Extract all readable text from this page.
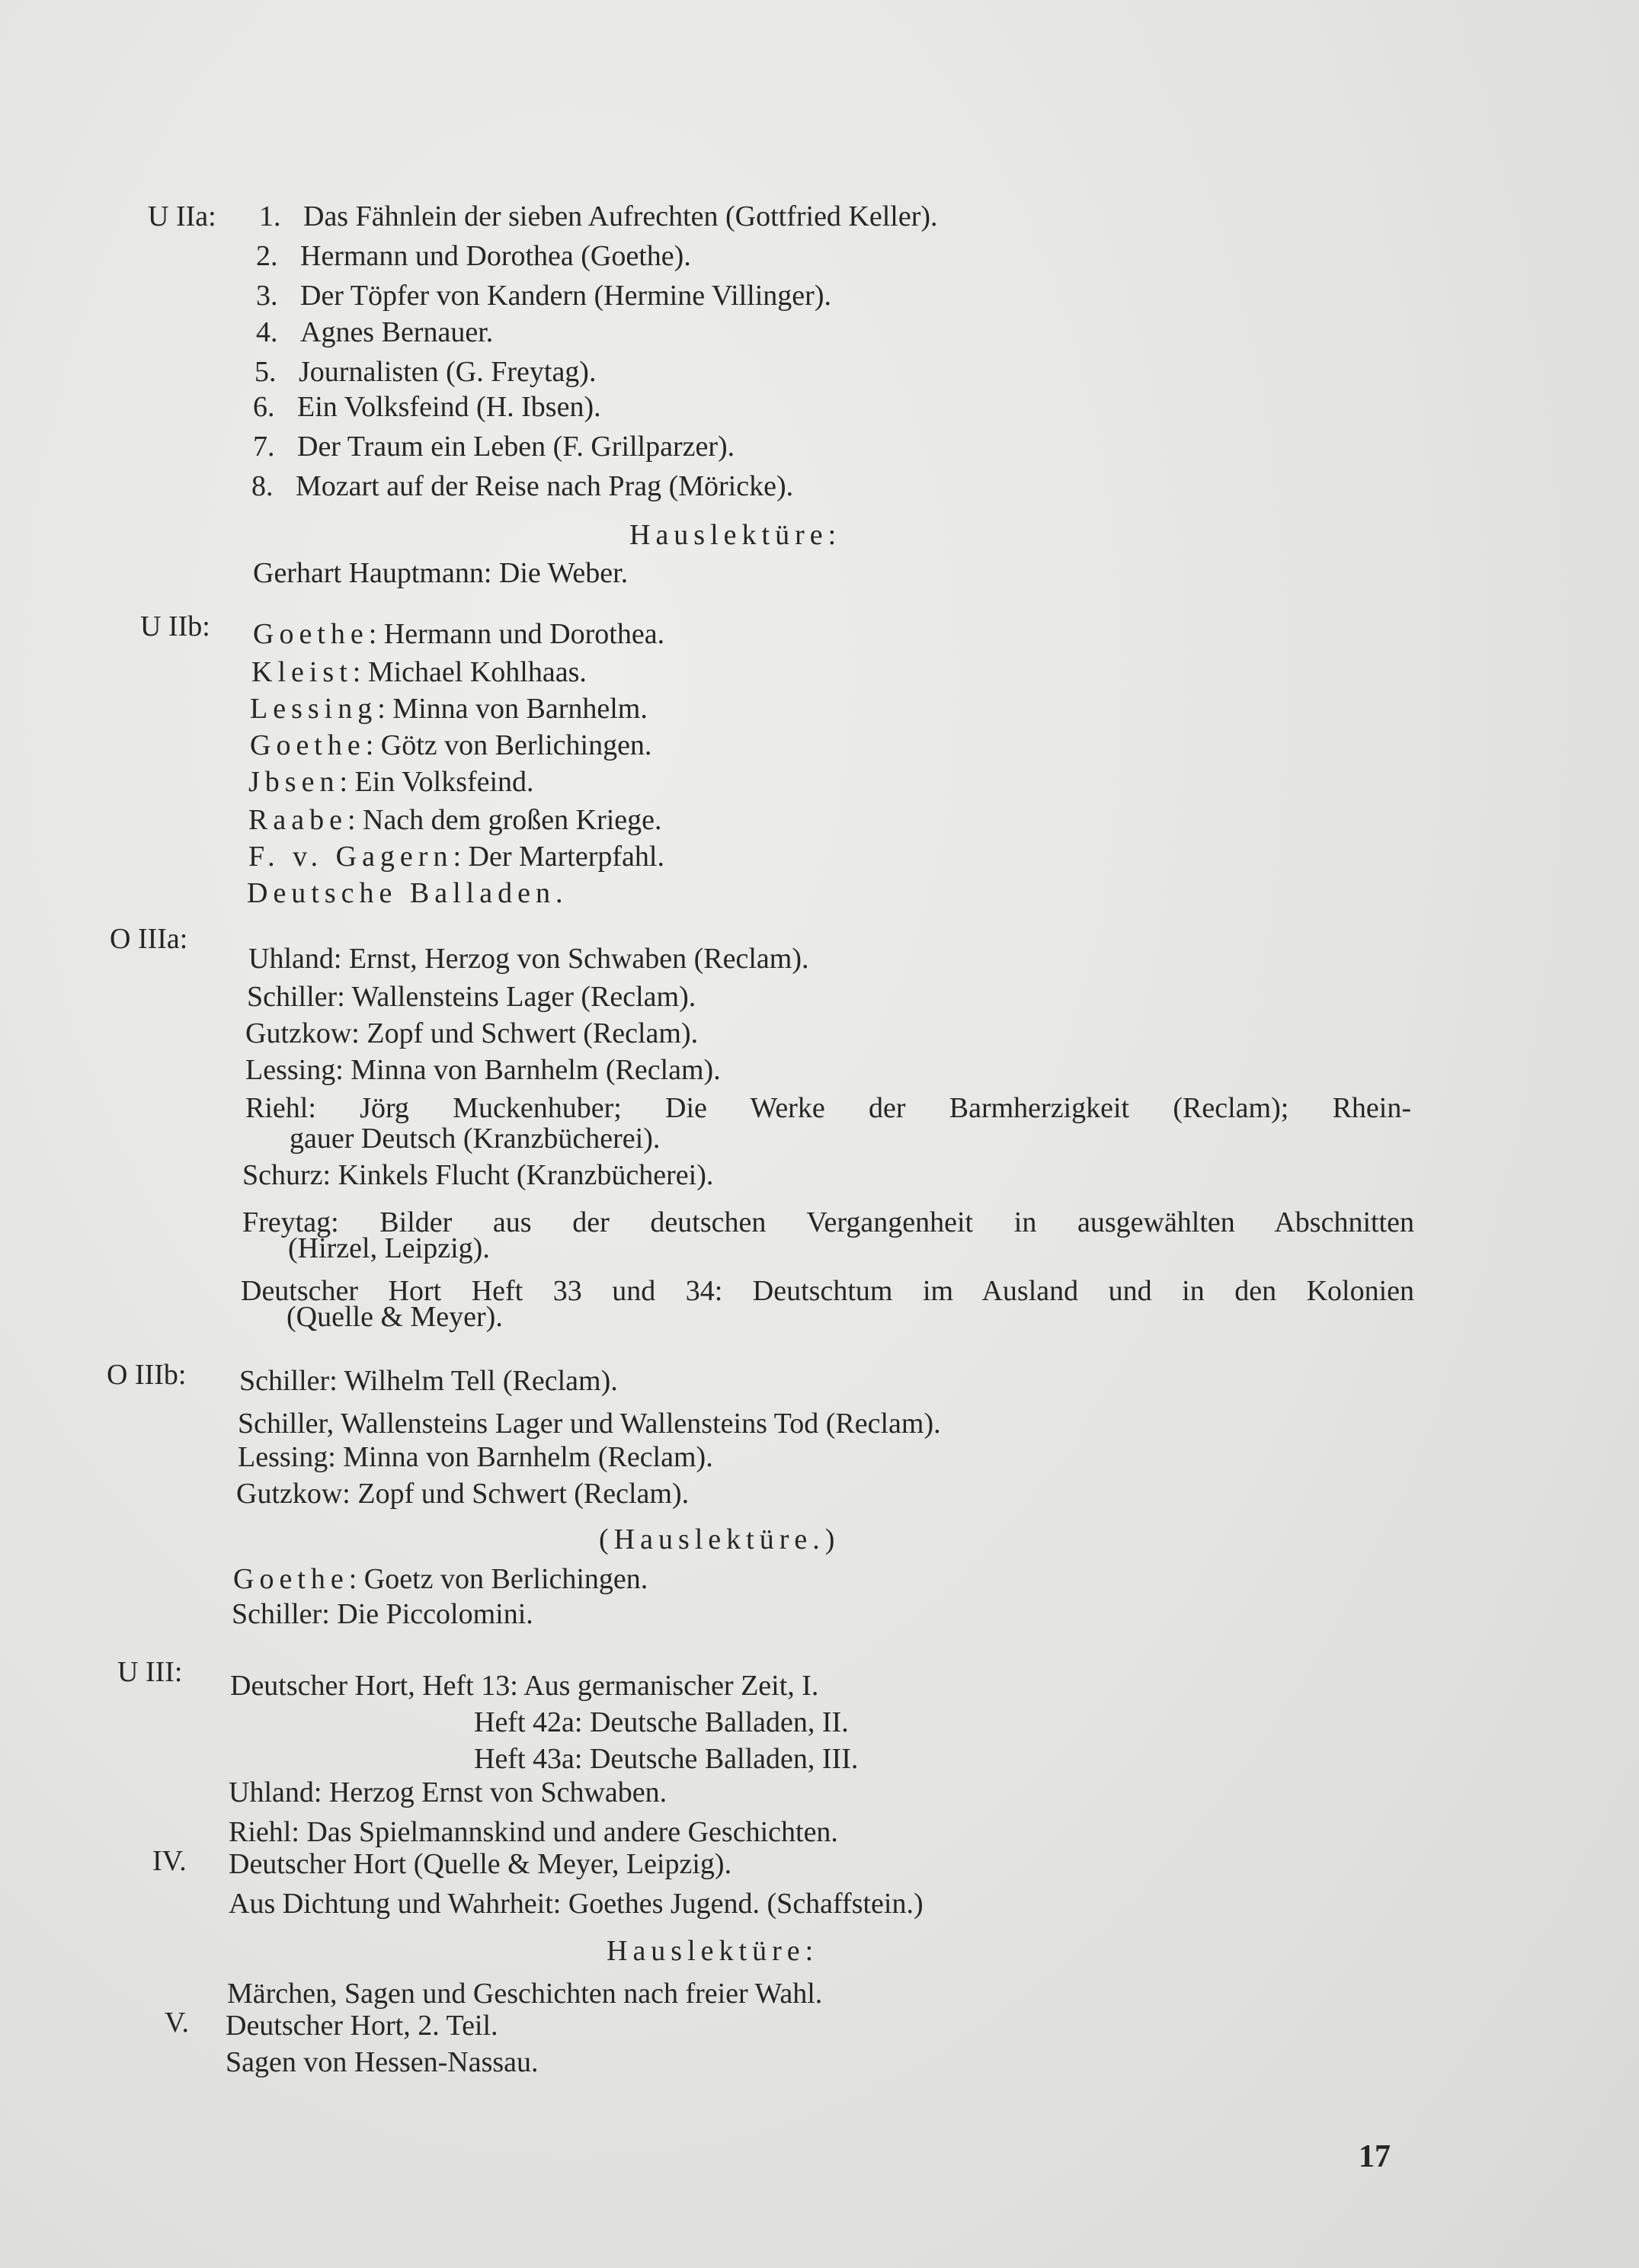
U IIa: 1. Das Fähnlein der sieben Aufrechten (Gottfried Keller).
2. Hermann und Dorothea (Goethe).
3. Der Töpfer von Kandern (Hermine Villinger).
4. Agnes Bernauer.
5. Journalisten (G. Freytag).
6. Ein Volksfeind (H. Ibsen).
7. Der Traum ein Leben (F. Grillparzer).
8. Mozart auf der Reise nach Prag (Möricke).
Hauslektüre:
Gerhart Hauptmann: Die Weber.
U IIb: Goethe: Hermann und Dorothea.
Kleist: Michael Kohlhaas.
Lessing: Minna von Barnhelm.
Goethe: Götz von Berlichingen.
Jbsen: Ein Volksfeind.
Raabe: Nach dem großen Kriege.
F. v. Gagern: Der Marterpfahl.
Deutsche Balladen.
O IIIa:
Uhland: Ernst, Herzog von Schwaben (Reclam).
Schiller: Wallensteins Lager (Reclam).
Gutzkow: Zopf und Schwert (Reclam).
Lessing: Minna von Barnhelm (Reclam).
Riehl: Jörg Muckenhuber; Die Werke der Barmherzigkeit (Reclam); Rhein-
gauer Deutsch (Kranzbücherei).
Schurz: Kinkels Flucht (Kranzbücherei).
Freytag: Bilder aus der deutschen Vergangenheit in ausgewählten Abschnitten
(Hirzel, Leipzig).
Deutscher Hort Heft 33 und 34: Deutschtum im Ausland und in den Kolonien
(Quelle & Meyer).
O IIIb: Schiller: Wilhelm Tell (Reclam).
Schiller, Wallensteins Lager und Wallensteins Tod (Reclam).
Lessing: Minna von Barnhelm (Reclam).
Gutzkow: Zopf und Schwert (Reclam).
(Hauslektüre.)
Goethe: Goetz von Berlichingen.
Schiller: Die Piccolomini.
U III: Deutscher Hort, Heft 13: Aus germanischer Zeit, I.
Heft 42a: Deutsche Balladen, II.
Heft 43a: Deutsche Balladen, III.
Uhland: Herzog Ernst von Schwaben.
Riehl: Das Spielmannskind und andere Geschichten.
IV. Deutscher Hort (Quelle & Meyer, Leipzig).
Aus Dichtung und Wahrheit: Goethes Jugend. (Schaffstein.)
Hauslektüre:
Märchen, Sagen und Geschichten nach freier Wahl.
V. Deutscher Hort, 2. Teil.
Sagen von Hessen-Nassau.
17
